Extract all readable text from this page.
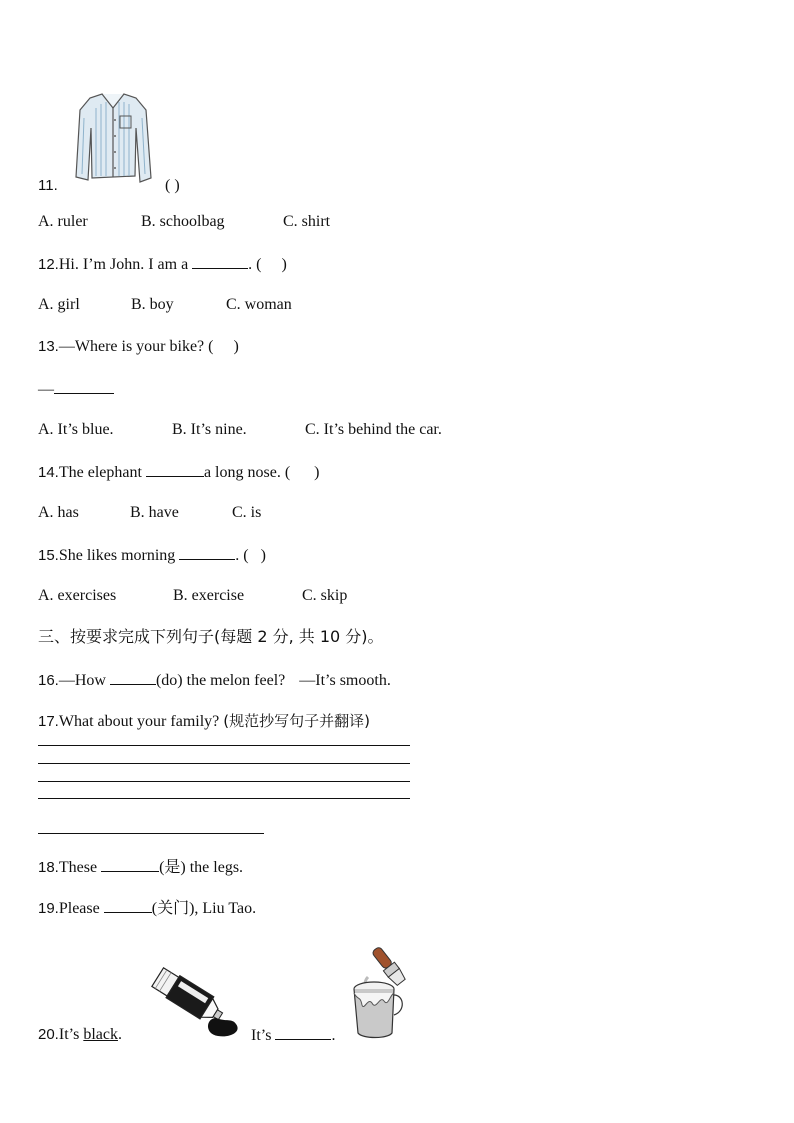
11.	( )
A. ruler	B. schoolbag	C. shirt
12.Hi. I’m John. I am a	. ( )
A. girl	B. boy	C. woman
13.—Where is your bike? ( )
—
A. It’s blue.	B. It’s nine.	C. It’s behind the car.
14.The elephant	a long nose. ( )
A. has	B. have	C. is
15.She likes morning	. ( )
A. exercises	B. exercise	C. skip
三、按要求完成下列句子(每题 2 分, 共 10 分)。
16.—How	(do) the melon feel? —It’s smooth.
17.What about your family? (规范抄写句子并翻译)
18.These	(是) the legs.
19.Please	(关门), Liu Tao.
20.It’s black.	It’s	.
